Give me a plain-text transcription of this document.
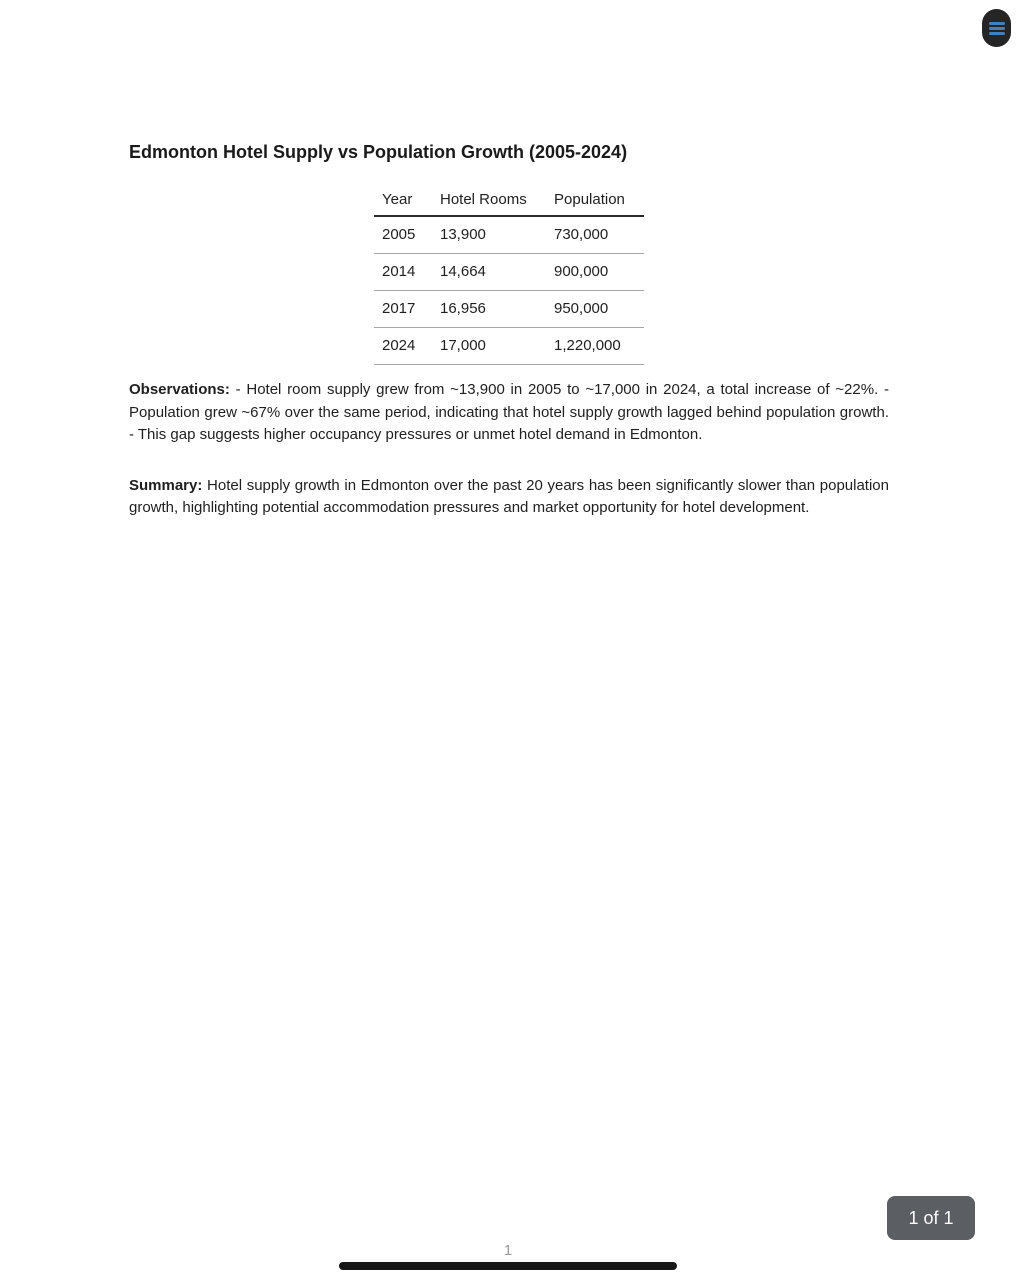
Edmonton Hotel Supply vs Population Growth (2005-2024)
Year	Hotel Rooms	Population
2005	13,900	730,000
2014	14,664	900,000
2017	16,956	950,000
2024	17,000	1,220,000

Observations: - Hotel room supply grew from ~13,900 in 2005 to ~17,000 in 2024, a total increase of ~22%. - Population grew ~67% over the same period, indicating that hotel supply growth lagged behind population growth. - This gap suggests higher occupancy pressures or unmet hotel demand in Edmonton.

Summary: Hotel supply growth in Edmonton over the past 20 years has been significantly slower than population growth, highlighting potential accommodation pressures and market opportunity for hotel development.

1
1 of 1
